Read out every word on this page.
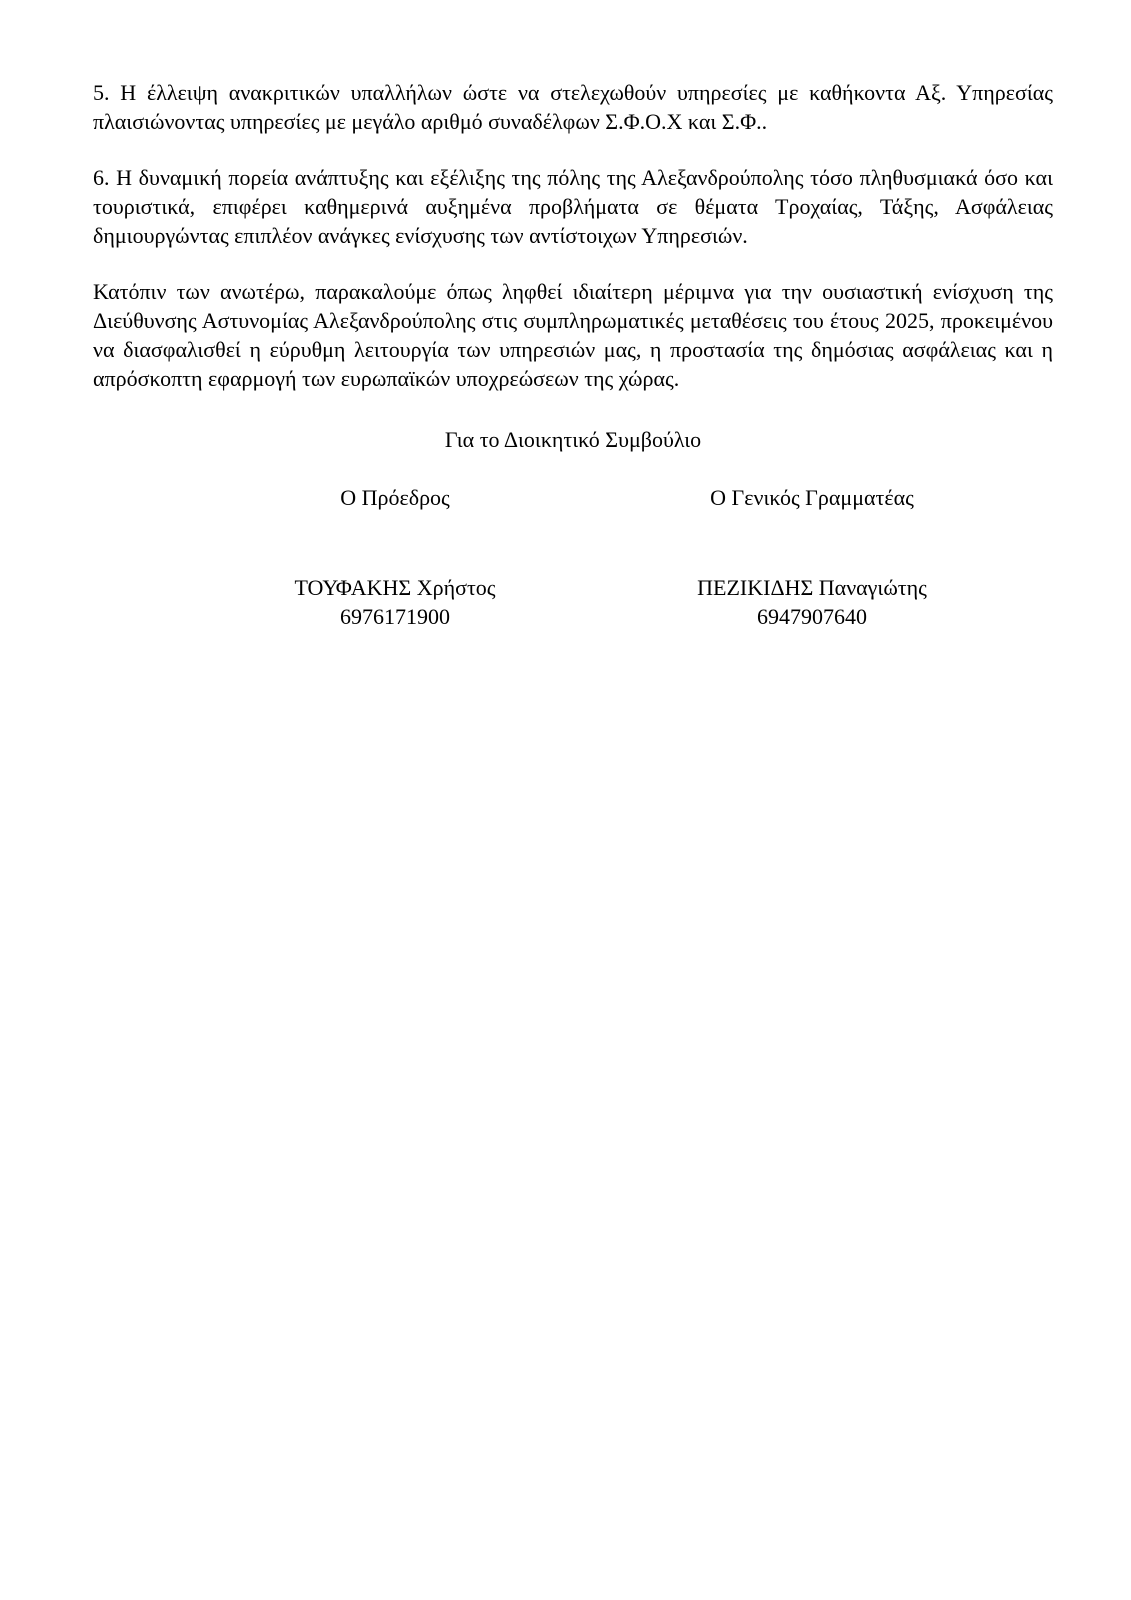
5. Η έλλειψη ανακριτικών υπαλλήλων ώστε να στελεχωθούν υπηρεσίες με καθήκοντα Αξ. Υπηρεσίας πλαισιώνοντας υπηρεσίες με μεγάλο αριθμό συναδέλφων Σ.Φ.Ο.Χ και Σ.Φ..

6. Η δυναμική πορεία ανάπτυξης και εξέλιξης της πόλης της Αλεξανδρούπολης τόσο πληθυσμιακά όσο και τουριστικά, επιφέρει καθημερινά αυξημένα προβλήματα σε θέματα Τροχαίας, Τάξης, Ασφάλειας δημιουργώντας επιπλέον ανάγκες ενίσχυσης των αντίστοιχων Υπηρεσιών.

Κατόπιν των ανωτέρω, παρακαλούμε όπως ληφθεί ιδιαίτερη μέριμνα για την ουσιαστική ενίσχυση της Διεύθυνσης Αστυνομίας Αλεξανδρούπολης στις συμπληρωματικές μεταθέσεις του έτους 2025, προκειμένου να διασφαλισθεί η εύρυθμη λειτουργία των υπηρεσιών μας, η προστασία της δημόσιας ασφάλειας και η απρόσκοπτη εφαρμογή των ευρωπαϊκών υποχρεώσεων της χώρας.

Για το Διοικητικό Συμβούλιο
Ο Πρόεδρος
ΤΟΥΦΑΚΗΣ Χρήστος
6976171900
Ο Γενικός Γραμματέας
ΠΕΖΙΚΙΔΗΣ Παναγιώτης
6947907640
